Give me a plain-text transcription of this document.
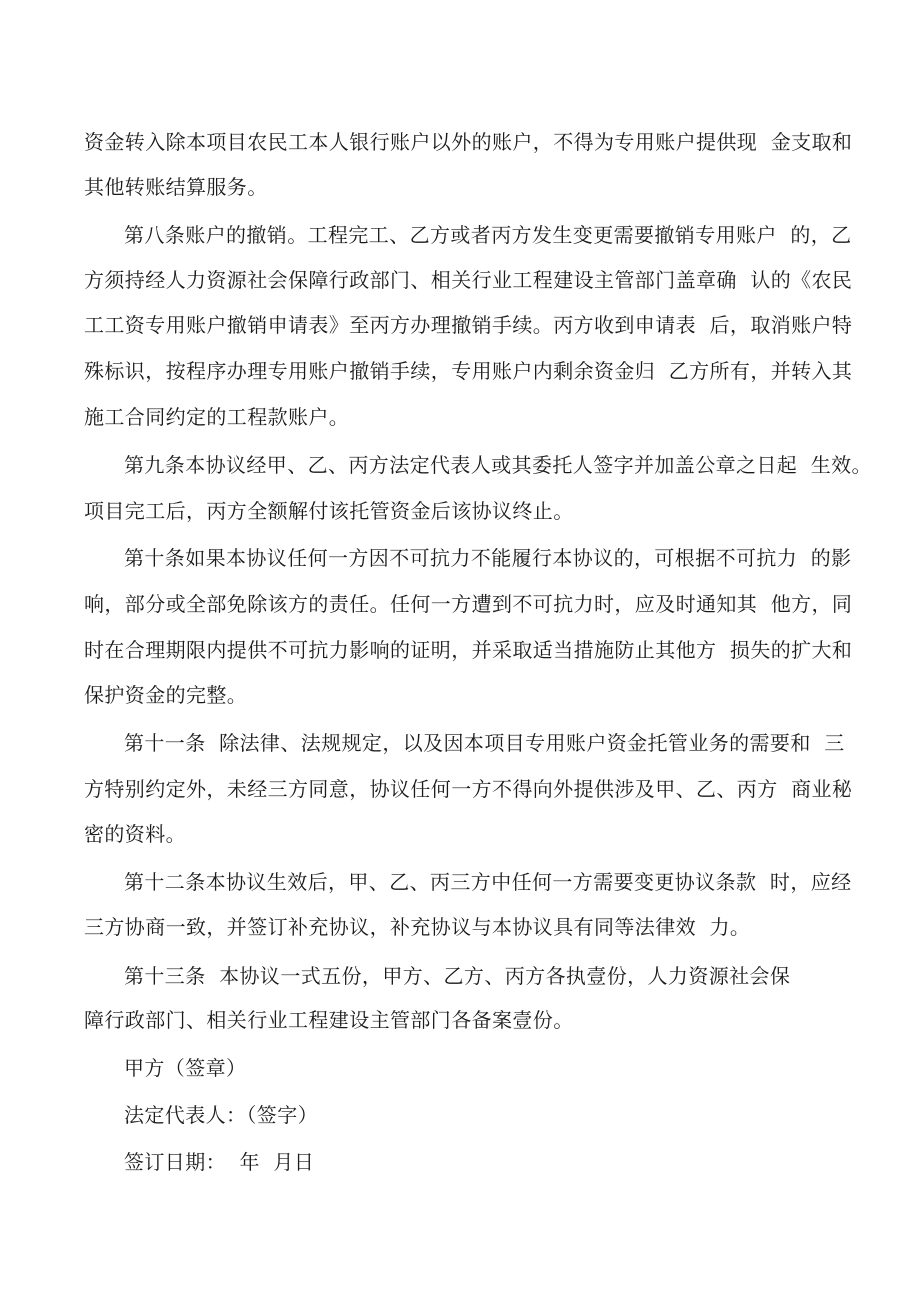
资金转入除本项目农民工本人银行账户以外的账户，不得为专用账户提供现  金支取和
其他转账结算服务。
第八条账户的撤销。工程完工、乙方或者丙方发生变更需要撤销专用账户  的，乙
方须持经人力资源社会保障行政部门、相关行业工程建设主管部门盖章确  认的《农民
工工资专用账户撤销申请表》至丙方办理撤销手续。丙方收到申请表  后，取消账户特
殊标识，按程序办理专用账户撤销手续，专用账户内剩余资金归  乙方所有，并转入其
施工合同约定的工程款账户。
第九条本协议经甲、乙、丙方法定代表人或其委托人签字并加盖公章之日起  生效。
项目完工后，丙方全额解付该托管资金后该协议终止。
第十条如果本协议任何一方因不可抗力不能履行本协议的，可根据不可抗力  的影
响，部分或全部免除该方的责任。任何一方遭到不可抗力时，应及时通知其  他方，同
时在合理期限内提供不可抗力影响的证明，并采取适当措施防止其他方  损失的扩大和
保护资金的完整。
第十一条  除法律、法规规定，以及因本项目专用账户资金托管业务的需要和  三
方特别约定外，未经三方同意，协议任何一方不得向外提供涉及甲、乙、丙方  商业秘
密的资料。
第十二条本协议生效后，甲、乙、丙三方中任何一方需要变更协议条款  时，应经
三方协商一致，并签订补充协议，补充协议与本协议具有同等法律效  力。
第十三条  本协议一式五份，甲方、乙方、丙方各执壹份，人力资源社会保
障行政部门、相关行业工程建设主管部门各备案壹份。
甲方（签章）
法定代表人：（签字）
签订日期：  年  月日
